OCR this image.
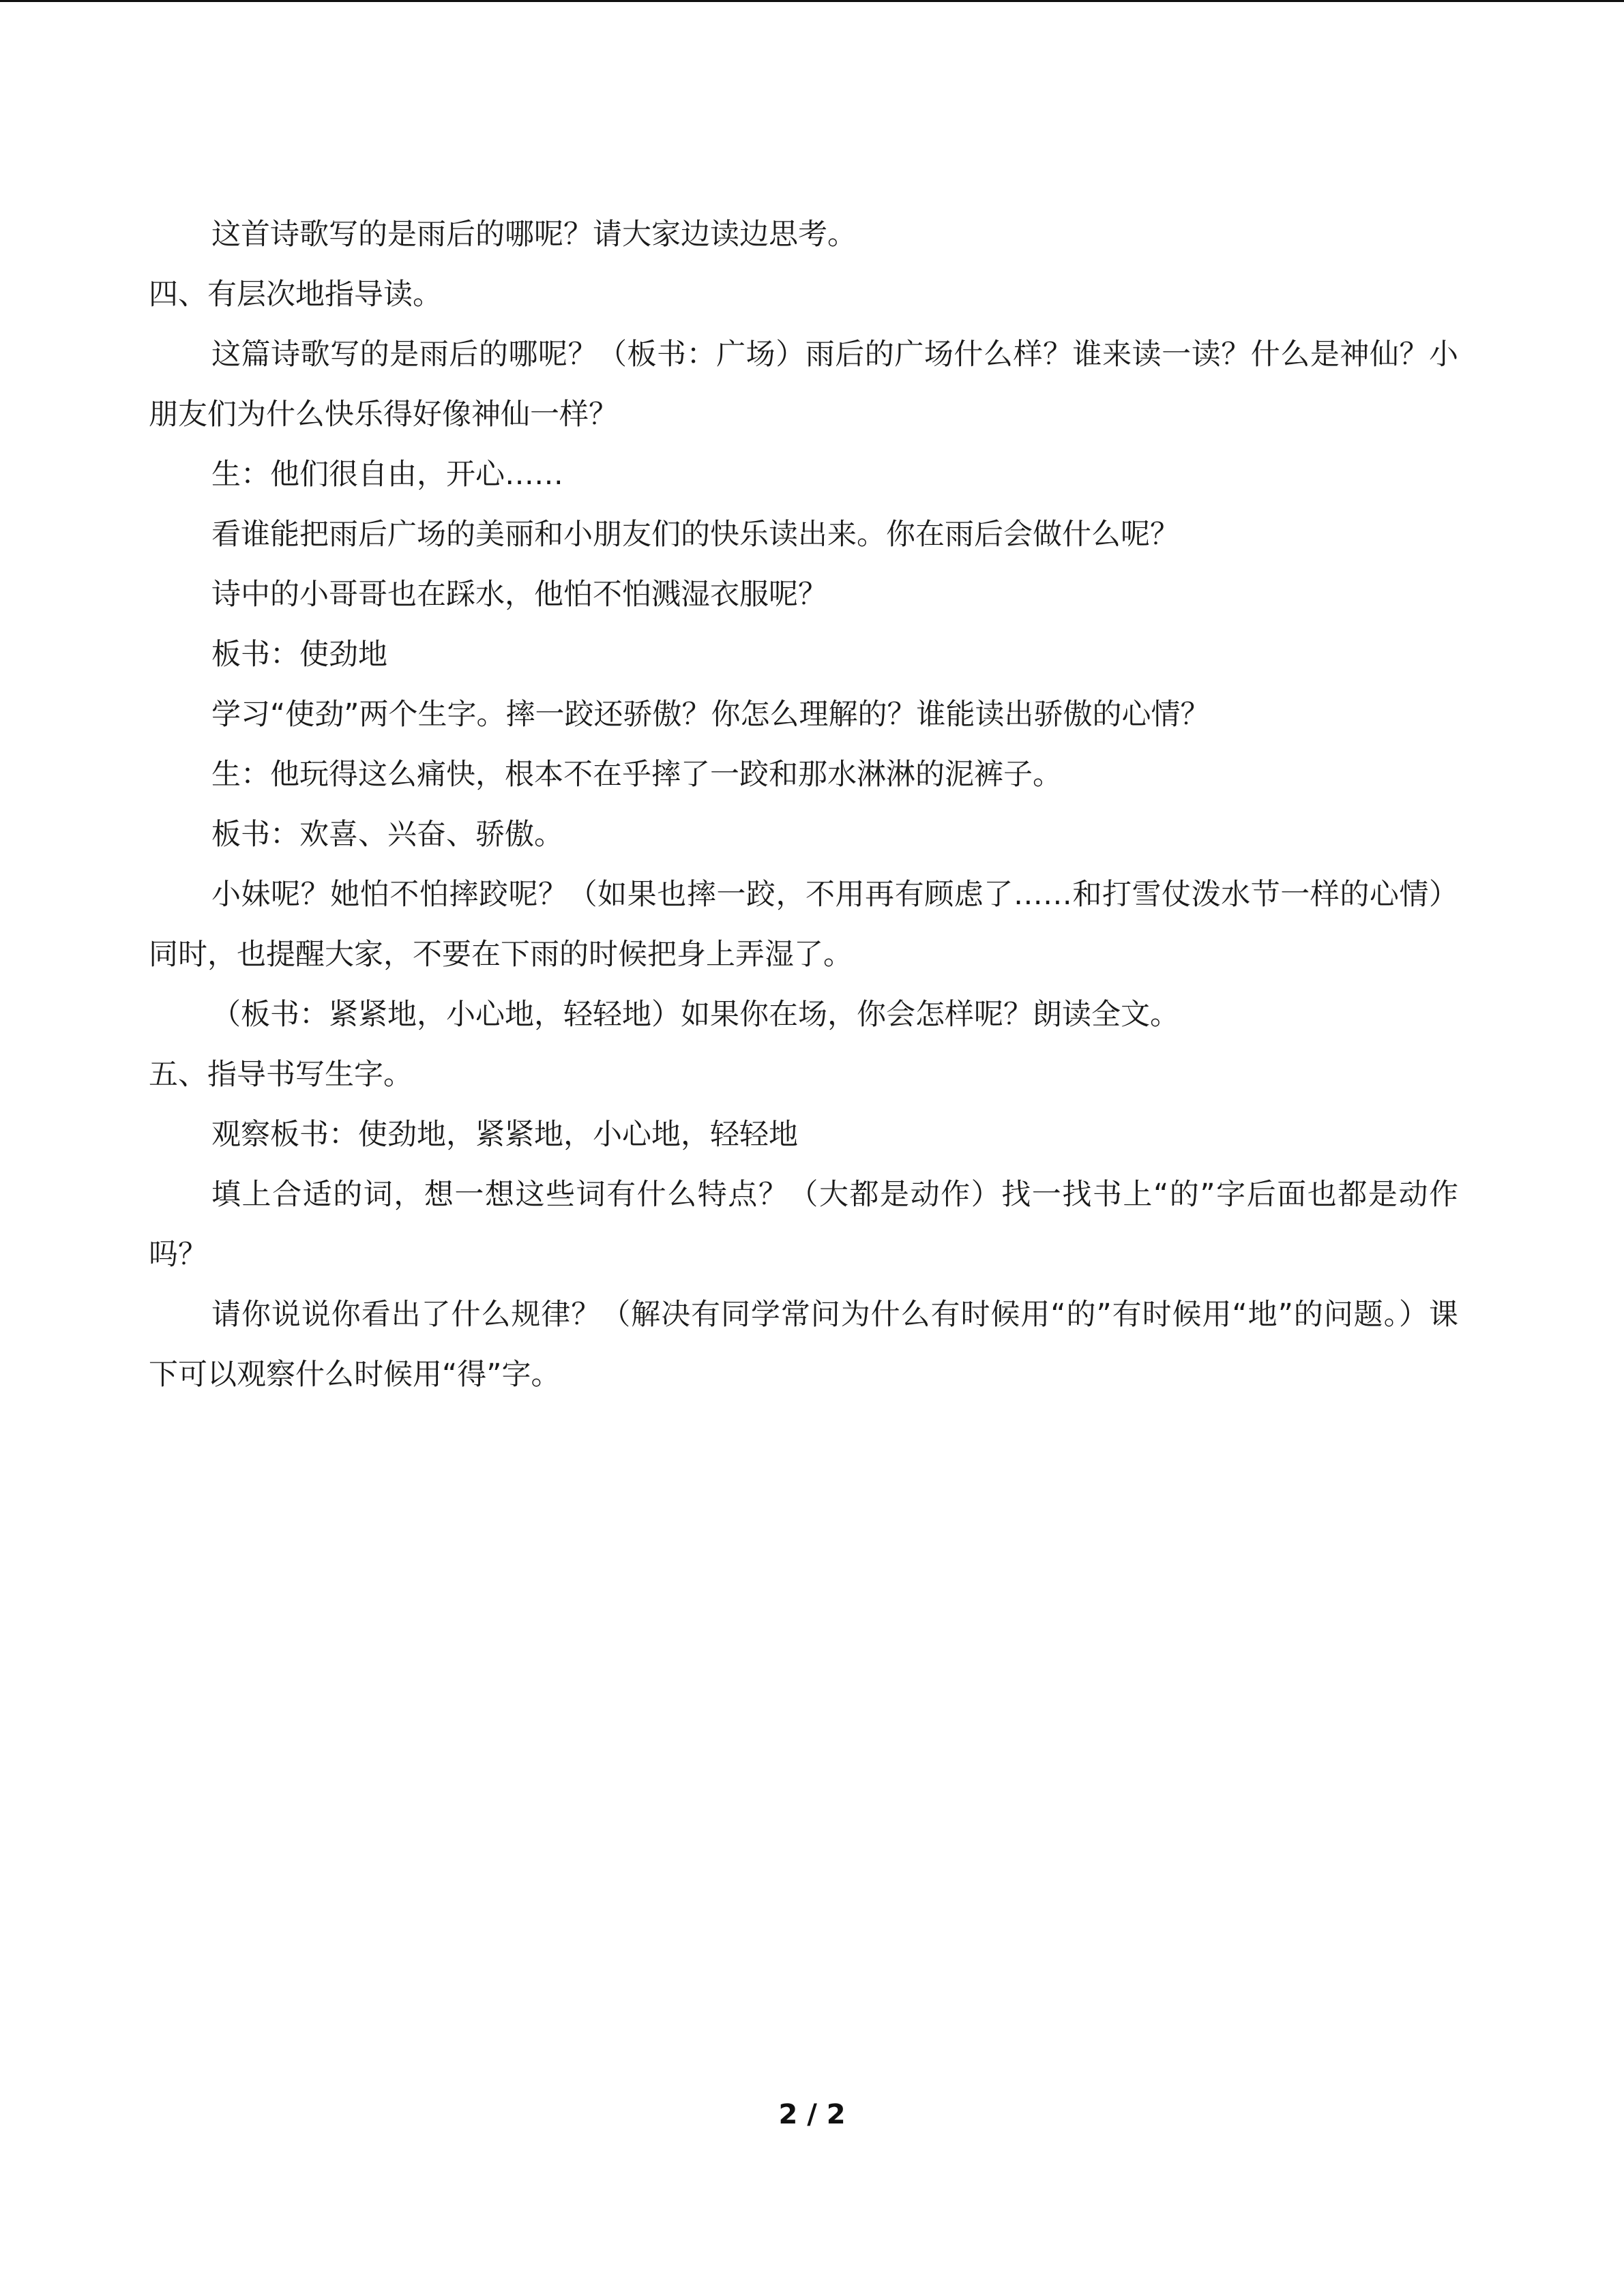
这首诗歌写的是雨后的哪呢？请大家边读边思考。

四、有层次地指导读。

这篇诗歌写的是雨后的哪呢？（板书：广场）雨后的广场什么样？谁来读一读？什么是神仙？小朋友们为什么快乐得好像神仙一样？

生：他们很自由，开心……

看谁能把雨后广场的美丽和小朋友们的快乐读出来。你在雨后会做什么呢？

诗中的小哥哥也在踩水，他怕不怕溅湿衣服呢？

板书：使劲地

学习“使劲”两个生字。摔一跤还骄傲？你怎么理解的？谁能读出骄傲的心情？

生：他玩得这么痛快，根本不在乎摔了一跤和那水淋淋的泥裤子。

板书：欢喜、兴奋、骄傲。

小妹呢？她怕不怕摔跤呢？（如果也摔一跤，不用再有顾虑了……和打雪仗泼水节一样的心情）同时，也提醒大家，不要在下雨的时候把身上弄湿了。

（板书：紧紧地，小心地，轻轻地）如果你在场，你会怎样呢？朗读全文。

五、指导书写生字。

观察板书：使劲地，紧紧地，小心地，轻轻地

填上合适的词，想一想这些词有什么特点？（大都是动作）找一找书上“的”字后面也都是动作吗？

请你说说你看出了什么规律？（解决有同学常问为什么有时候用“的”有时候用“地”的问题。）课下可以观察什么时候用“得”字。

2 / 2
